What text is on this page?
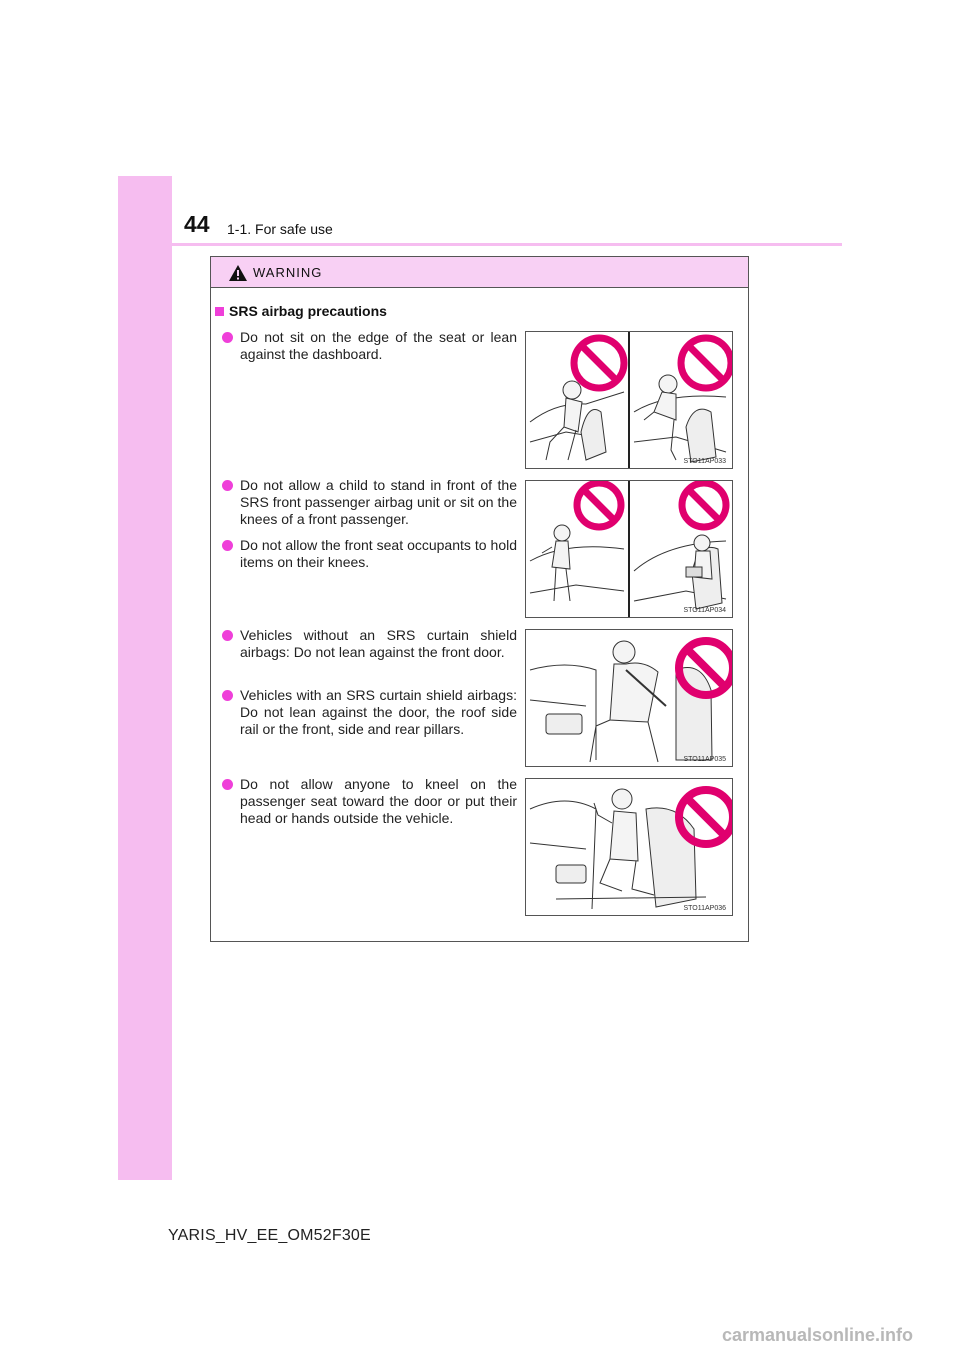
44 1-1. For safe use
WARNING
SRS airbag precautions
Do not sit on the edge of the seat or lean against the dashboard.
Do not allow a child to stand in front of the SRS front passenger airbag unit or sit on the knees of a front passenger.
Do not allow the front seat occupants to hold items on their knees.
Vehicles without an SRS curtain shield airbags: Do not lean against the front door.
Vehicles with an SRS curtain shield airbags: Do not lean against the door, the roof side rail or the front, side and rear pillars.
Do not allow anyone to kneel on the passenger seat toward the door or put their head or hands outside the vehicle.
STO11AP033
STO11AP034
STO11AP035
STO11AP036
YARIS_HV_EE_OM52F30E
carmanualsonline.info
